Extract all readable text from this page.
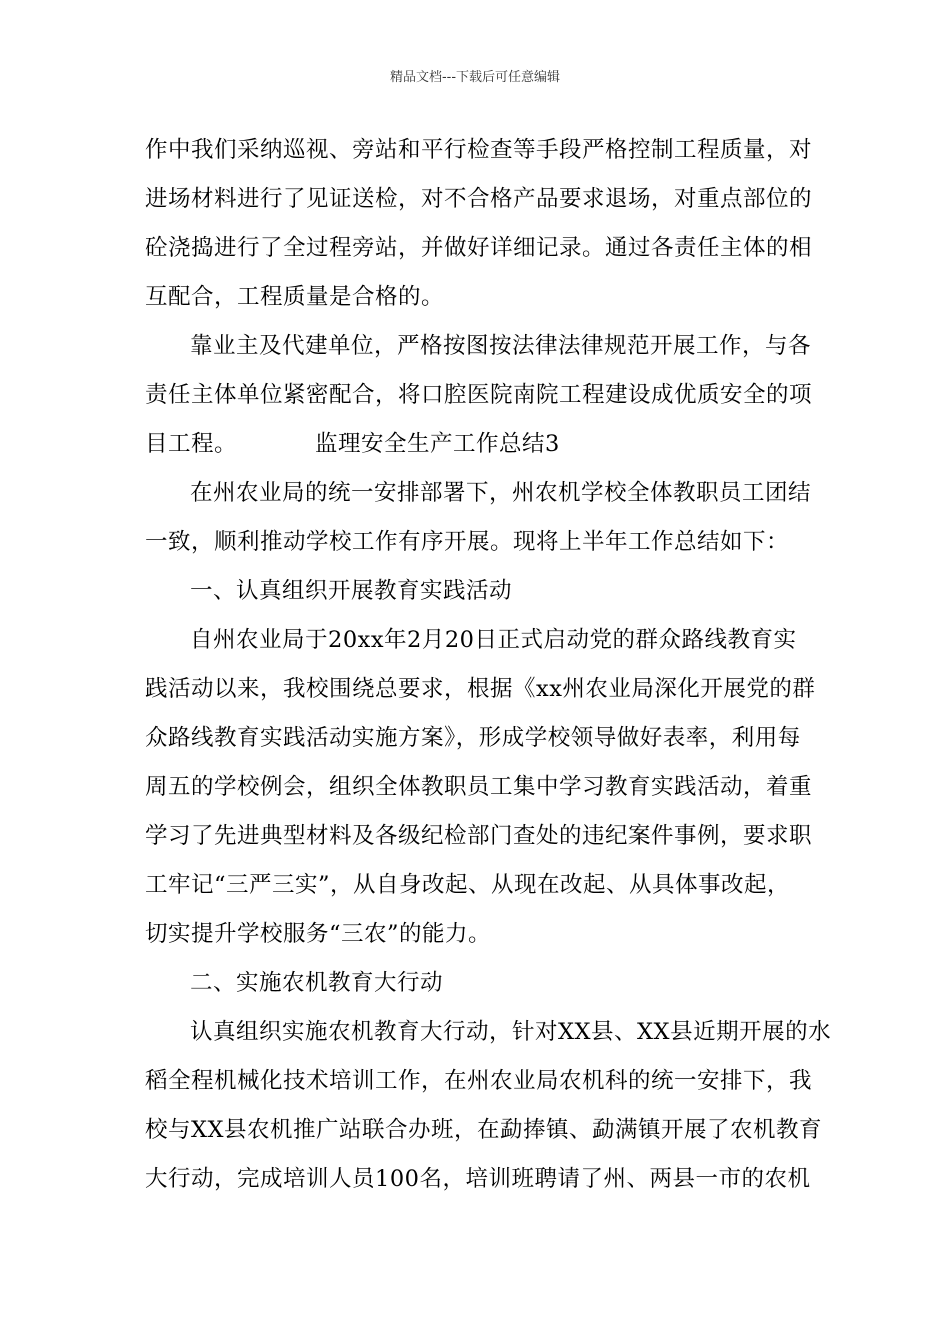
精品文档---下载后可任意编辑
作中我们采纳巡视、旁站和平行检查等手段严格控制工程质量，对
进场材料进行了见证送检，对不合格产品要求退场，对重点部位的
砼浇捣进行了全过程旁站，并做好详细记录。通过各责任主体的相
互配合，工程质量是合格的。
靠业主及代建单位，严格按图按法律法律规范开展工作，与各
责任主体单位紧密配合，将口腔医院南院工程建设成优质安全的项
目工程。	监理安全生产工作总结3
在州农业局的统一安排部署下，州农机学校全体教职员工团结
一致，顺利推动学校工作有序开展。现将上半年工作总结如下：
一、认真组织开展教育实践活动
自州农业局于20xx年2月20日正式启动党的群众路线教育实
践活动以来，我校围绕总要求，根据《xx州农业局深化开展党的群
众路线教育实践活动实施方案》，形成学校领导做好表率，利用每
周五的学校例会，组织全体教职员工集中学习教育实践活动，着重
学习了先进典型材料及各级纪检部门查处的违纪案件事例，要求职
工牢记“三严三实”，从自身改起、从现在改起、从具体事改起，
切实提升学校服务“三农”的能力。
二、实施农机教育大行动
认真组织实施农机教育大行动，针对XX县、XX县近期开展的水
稻全程机械化技术培训工作，在州农业局农机科的统一安排下，我
校与XX县农机推广站联合办班，在勐捧镇、勐满镇开展了农机教育
大行动，完成培训人员100名，培训班聘请了州、两县一市的农机
